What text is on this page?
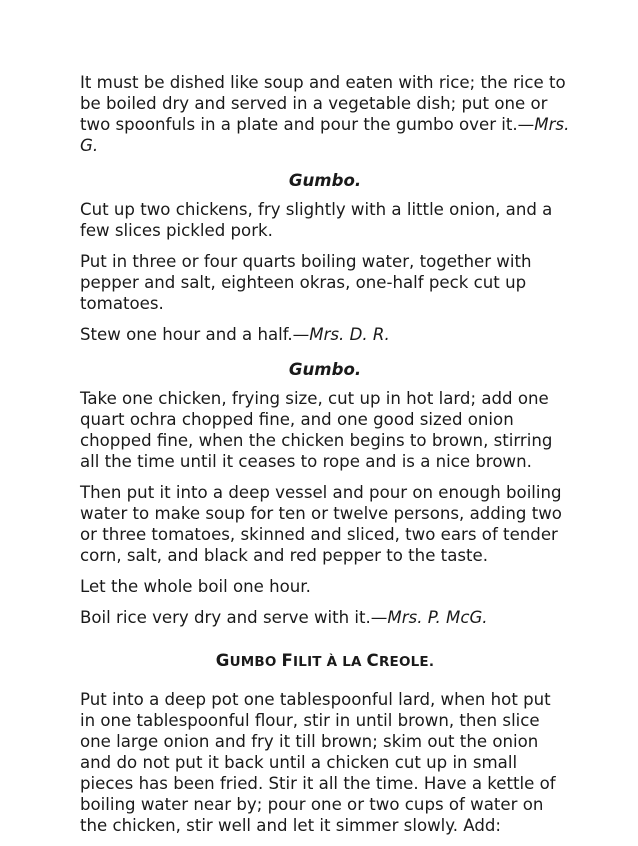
It must be dished like soup and eaten with rice; the rice to be boiled dry and served in a vegetable dish; put one or two spoonfuls in a plate and pour the gumbo over it.—Mrs. G.

Gumbo.

Cut up two chickens, fry slightly with a little onion, and a few slices pickled pork.

Put in three or four quarts boiling water, together with pepper and salt, eighteen okras, one-half peck cut up tomatoes.

Stew one hour and a half.—Mrs. D. R.

Gumbo.

Take one chicken, frying size, cut up in hot lard; add one quart ochra chopped fine, and one good sized onion chopped fine, when the chicken begins to brown, stirring all the time until it ceases to rope and is a nice brown.

Then put it into a deep vessel and pour on enough boiling water to make soup for ten or twelve persons, adding two or three tomatoes, skinned and sliced, two ears of tender corn, salt, and black and red pepper to the taste.

Let the whole boil one hour.

Boil rice very dry and serve with it.—Mrs. P. McG.

GUMBO FILIT À LA CREOLE.

Put into a deep pot one tablespoonful lard, when hot put in one tablespoonful flour, stir in until brown, then slice one large onion and fry it till brown; skim out the onion and do not put it back until a chicken cut up in small pieces has been fried. Stir it all the time. Have a kettle of boiling water near by; pour one or two cups of water on the chicken, stir well and let it simmer slowly. Add:
